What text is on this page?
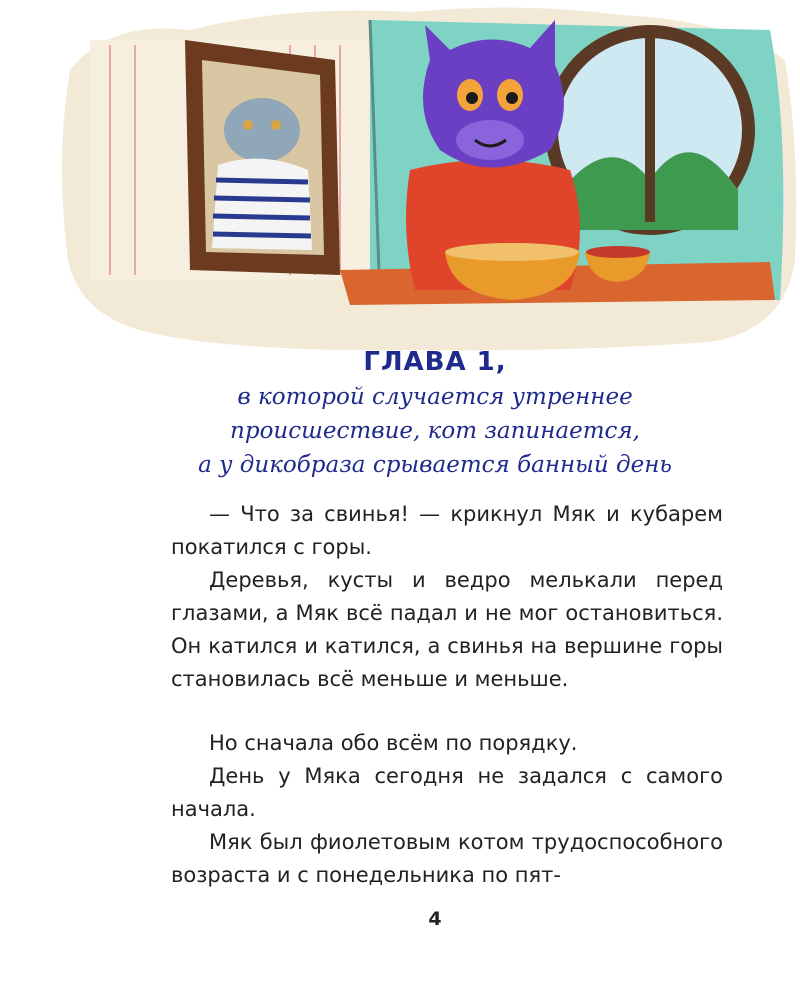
ГЛАВА 1,

в которой случается утреннее

происшествие, кот запинается,

а у дикобраза срывается банный день

— Что за свинья! — крикнул Мяк и кубарем покатился с горы.

Деревья, кусты и ведро мелькали перед глазами, а Мяк всё падал и не мог остановиться. Он катился и катился, а свинья на вершине горы становилась всё меньше и меньше.

Но сначала обо всём по порядку.

День у Мяка сегодня не задался с самого начала.

Мяк был фиолетовым котом трудоспособного возраста и с понедельника по пят-

4
